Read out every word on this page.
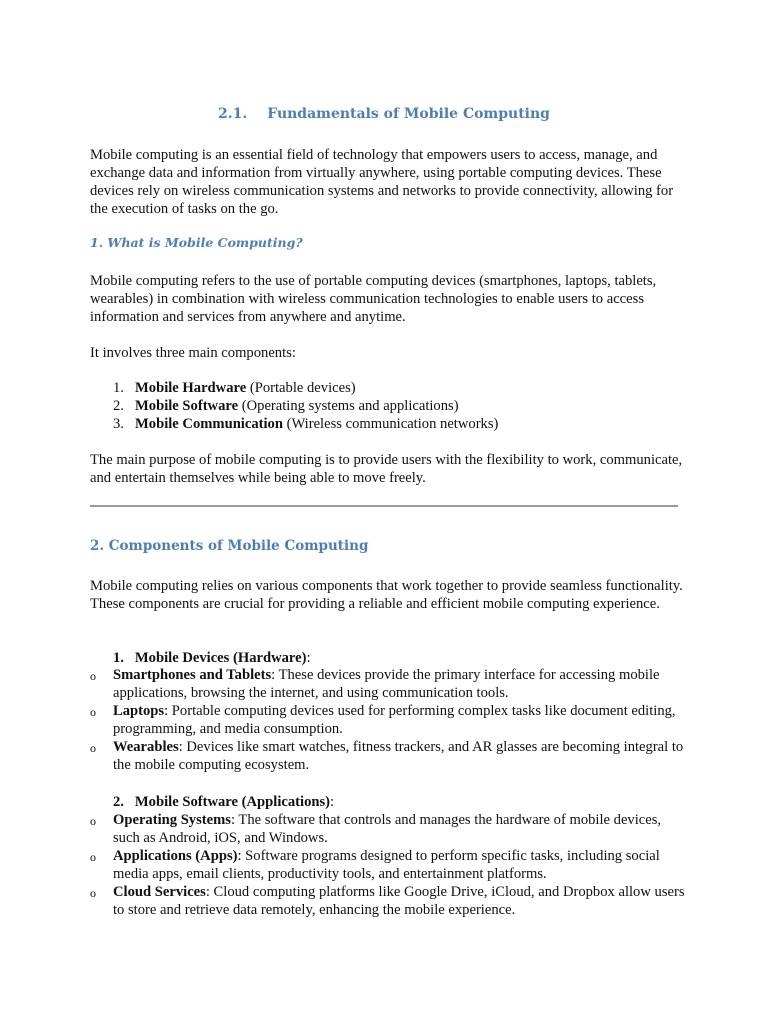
2.1. Fundamentals of Mobile Computing

Mobile computing is an essential field of technology that empowers users to access, manage, and exchange data and information from virtually anywhere, using portable computing devices. These devices rely on wireless communication systems and networks to provide connectivity, allowing for the execution of tasks on the go.

1. What is Mobile Computing?

Mobile computing refers to the use of portable computing devices (smartphones, laptops, tablets, wearables) in combination with wireless communication technologies to enable users to access information and services from anywhere and anytime.

It involves three main components:

1. Mobile Hardware (Portable devices)
2. Mobile Software (Operating systems and applications)
3. Mobile Communication (Wireless communication networks)

The main purpose of mobile computing is to provide users with the flexibility to work, communicate, and entertain themselves while being able to move freely.

2. Components of Mobile Computing

Mobile computing relies on various components that work together to provide seamless functionality. These components are crucial for providing a reliable and efficient mobile computing experience.

1. Mobile Devices (Hardware):
o Smartphones and Tablets: These devices provide the primary interface for accessing mobile applications, browsing the internet, and using communication tools.
o Laptops: Portable computing devices used for performing complex tasks like document editing, programming, and media consumption.
o Wearables: Devices like smart watches, fitness trackers, and AR glasses are becoming integral to the mobile computing ecosystem.
2. Mobile Software (Applications):
o Operating Systems: The software that controls and manages the hardware of mobile devices, such as Android, iOS, and Windows.
o Applications (Apps): Software programs designed to perform specific tasks, including social media apps, email clients, productivity tools, and entertainment platforms.
o Cloud Services: Cloud computing platforms like Google Drive, iCloud, and Dropbox allow users to store and retrieve data remotely, enhancing the mobile experience.
